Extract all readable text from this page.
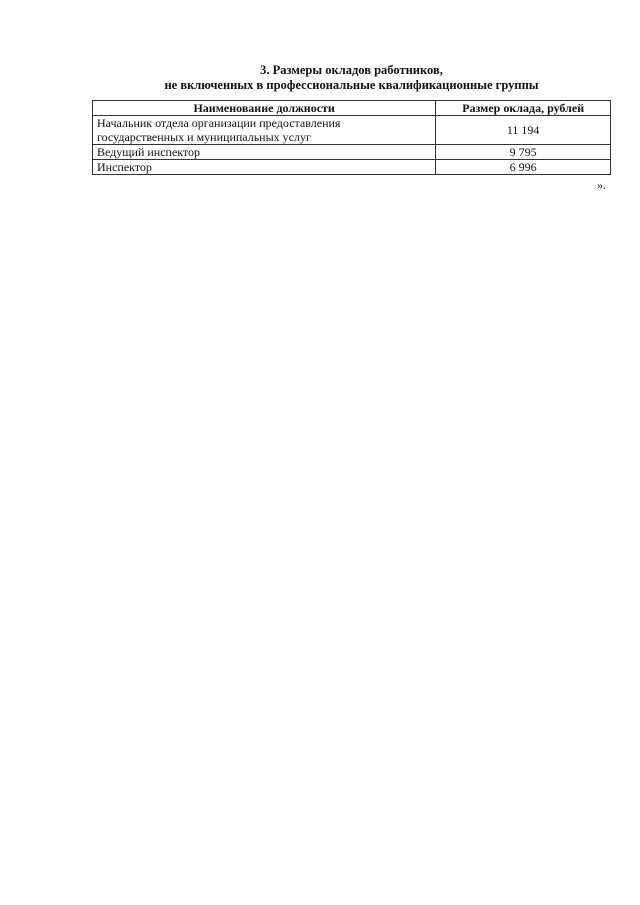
3. Размеры окладов работников,
не включенных в профессиональные квалификационные группы
Наименование должности	Размер оклада, рублей

Начальник отдела организации предоставления
государственных и муниципальных услуг	11 194
Ведущий инспектор	9 795
Инспектор	6 996
».
